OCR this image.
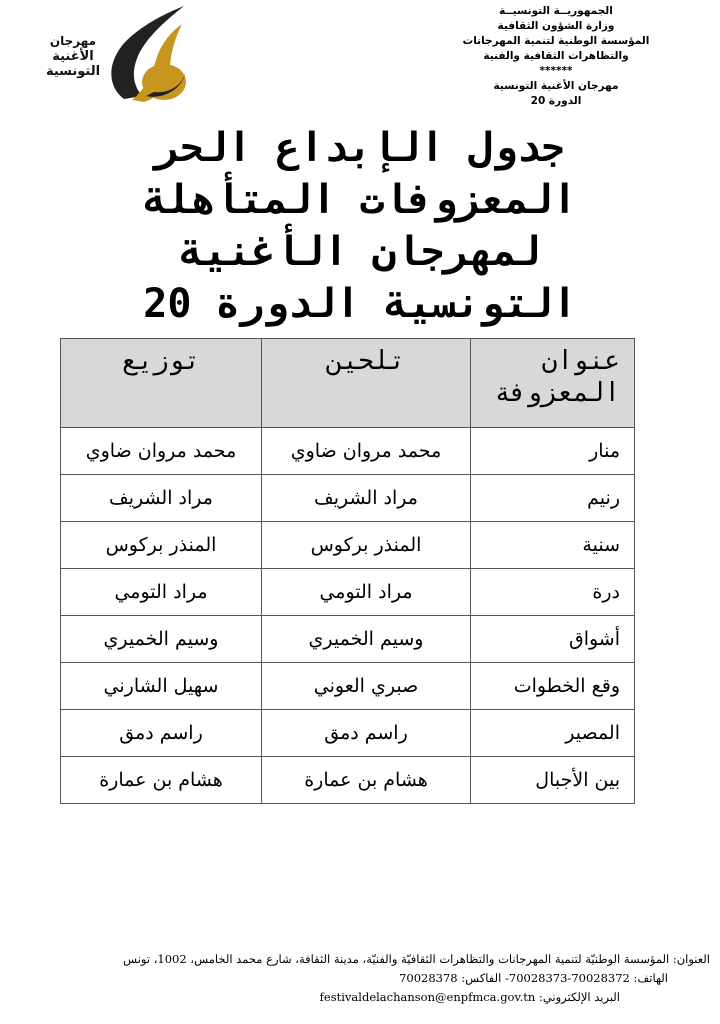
مهرجان
الأغنية التونسية
الجمهوريــة التونسيــة
وزارة الشؤون الثقافية
المؤسسة الوطنية لتنمية المهرجانات
والتظاهرات الثقافية والفنية
******
مهرجان الأغنية التونسية
الدورة 20
جدول الإبداع الحر
المعزوفات المتأهلة
لمهرجان الأغنية
التونسية الدورة 20
عنوان المعزوفة	تلحين	توزيع
منار	محمد مروان ضاوي	محمد مروان ضاوي
رنيم	مراد الشريف	مراد الشريف
سنية	المنذر بركوس	المنذر بركوس
درة	مراد التومي	مراد التومي
أشواق	وسيم الخميري	وسيم الخميري
وقع الخطوات	صبري العوني	سهيل الشارني
المصير	راسم دمق	راسم دمق
بين الأجبال	هشام بن عمارة	هشام بن عمارة
العنوان: المؤسسة الوطنيّة لتنمية المهرجانات والتظاهرات الثقافيّة والفنيّة، مدينة الثقافة، شارع محمد الخامس، 1002، تونس
الهاتف: 70028372-70028373- الفاكس: 70028378
البريد الإلكتروني: festivaldelachanson@enpfmca.gov.tn
